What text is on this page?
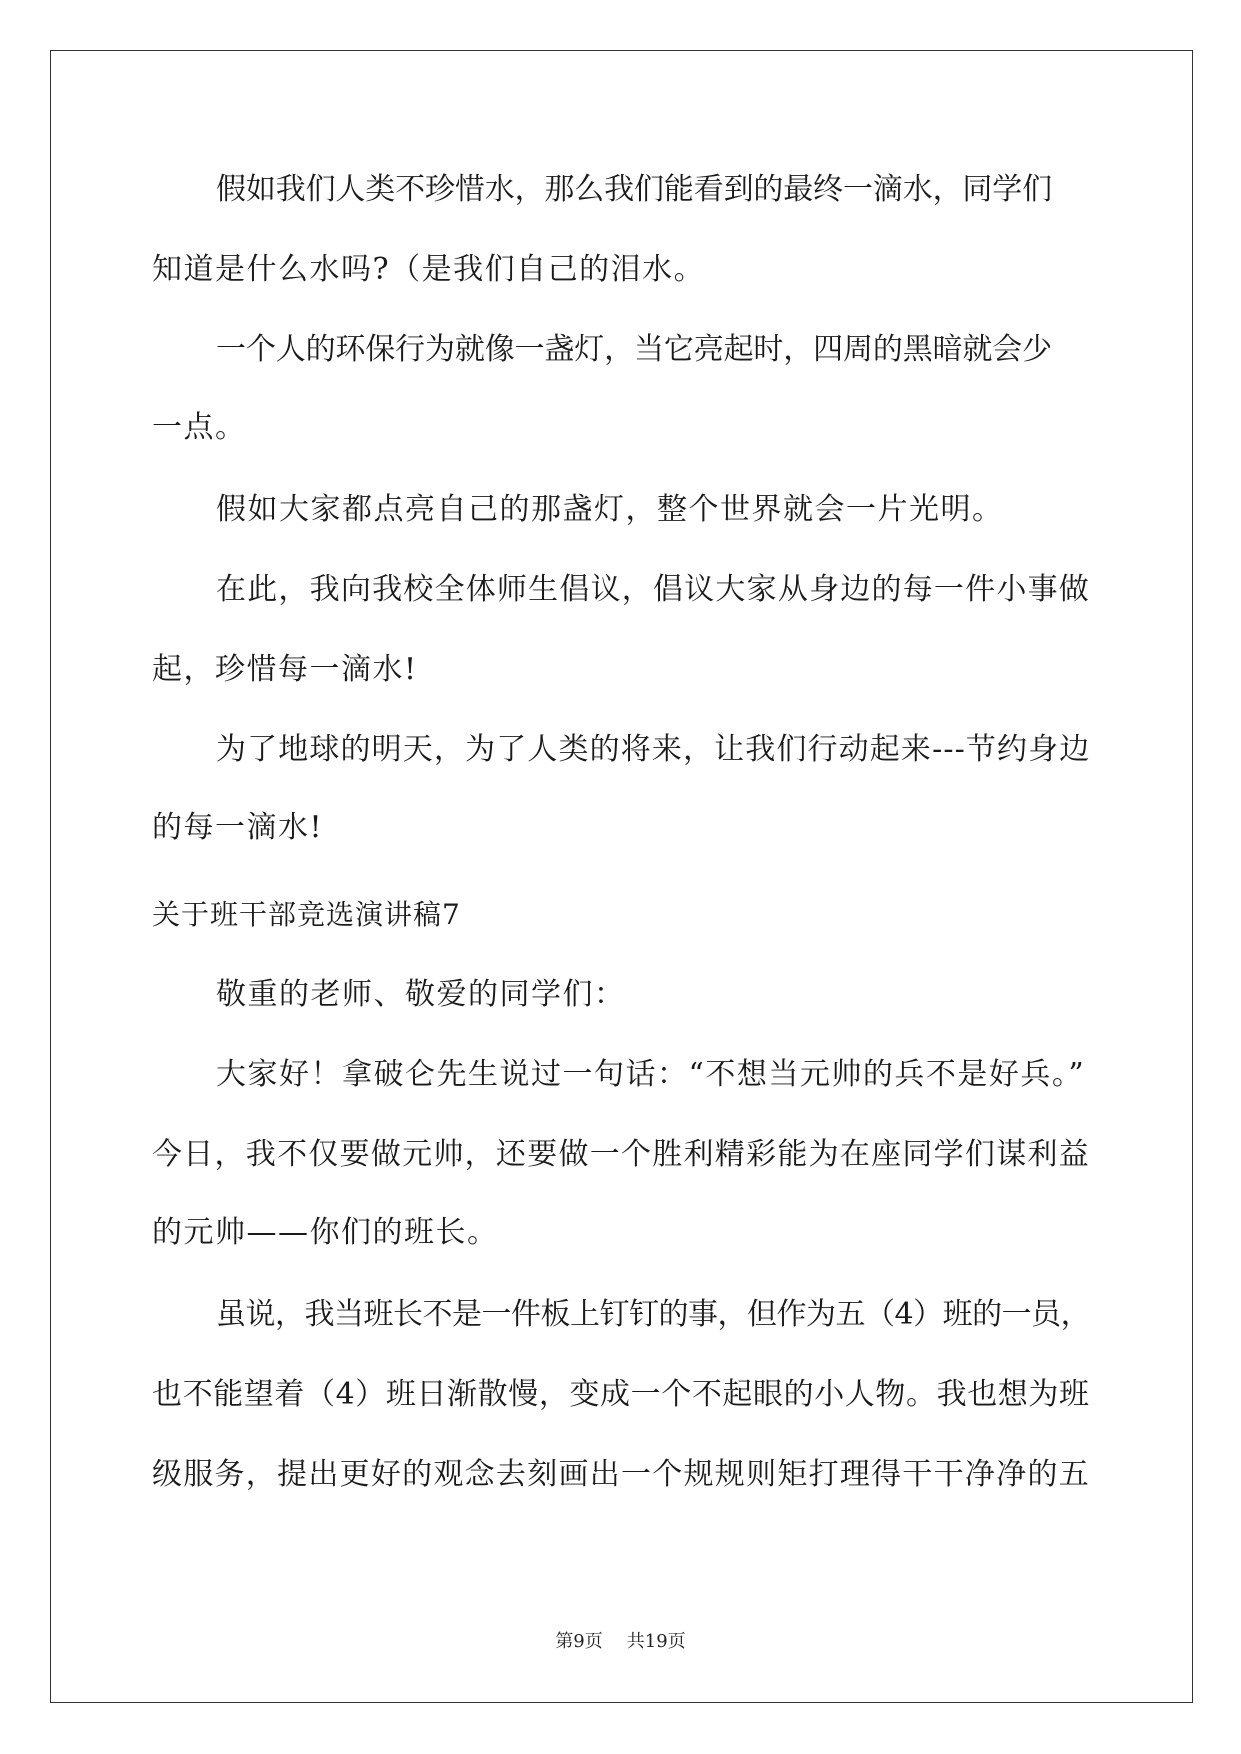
假如我们人类不珍惜水，那么我们能看到的最终一滴水，同学们
知道是什么水吗?（是我们自己的泪水。
一个人的环保行为就像一盏灯，当它亮起时，四周的黑暗就会少
一点。
假如大家都点亮自己的那盏灯，整个世界就会一片光明。
在此，我向我校全体师生倡议，倡议大家从身边的每一件小事做
起，珍惜每一滴水!
为了地球的明天，为了人类的将来，让我们行动起来---节约身边
的每一滴水!
关于班干部竞选演讲稿7
敬重的老师、敬爱的同学们：
大家好！拿破仑先生说过一句话：“不想当元帅的兵不是好兵。”
今日，我不仅要做元帅，还要做一个胜利精彩能为在座同学们谋利益
的元帅——你们的班长。
虽说，我当班长不是一件板上钉钉的事，但作为五（4）班的一员，
也不能望着（4）班日渐散慢，变成一个不起眼的小人物。我也想为班
级服务，提出更好的观念去刻画出一个规规则矩打理得干干净净的五
第9页 共19页
